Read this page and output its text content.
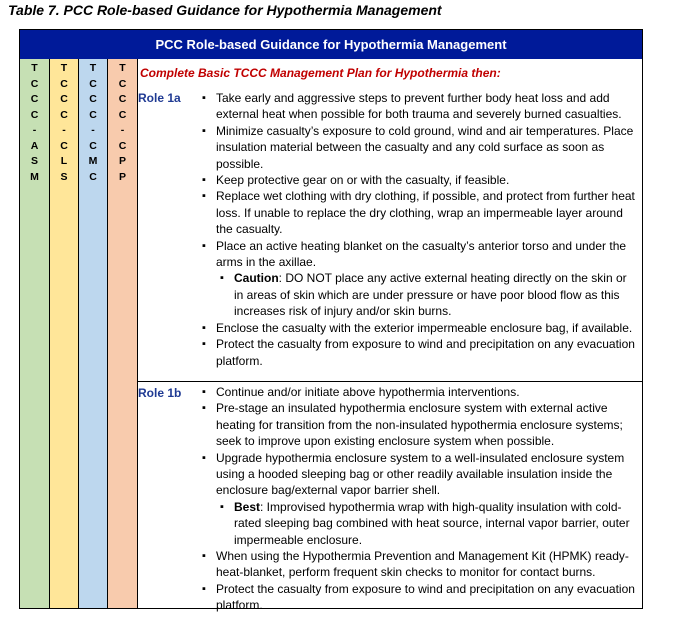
Table 7. PCC Role-based Guidance for Hypothermia Management
PCC Role-based Guidance for Hypothermia Management
T
C
C
C
-
A
S
M
T
C
C
C
-
C
L
S
T
C
C
C
-
C
M
C
T
C
C
C
-
C
P
P
Complete Basic TCCC Management Plan for Hypothermia then:
Role 1a	▪ Take early and aggressive steps to prevent further body heat loss and add external heat when possible for both trauma and severely burned casualties.
▪ Minimize casualty’s exposure to cold ground, wind and air temperatures. Place insulation material between the casualty and any cold surface as soon as possible.
▪ Keep protective gear on or with the casualty, if feasible.
▪ Replace wet clothing with dry clothing, if possible, and protect from further heat loss. If unable to replace the dry clothing, wrap an impermeable layer around the casualty.
▪ Place an active heating blanket on the casualty’s anterior torso and under the arms in the axillae.
▪ Caution: DO NOT place any active external heating directly on the skin or in areas of skin which are under pressure or have poor blood flow as this increases risk of injury and/or skin burns.
▪ Enclose the casualty with the exterior impermeable enclosure bag, if available.
▪ Protect the casualty from exposure to wind and precipitation on any evacuation platform.
Role 1b	▪ Continue and/or initiate above hypothermia interventions.
▪ Pre-stage an insulated hypothermia enclosure system with external active heating for transition from the non-insulated hypothermia enclosure systems; seek to improve upon existing enclosure system when possible.
▪ Upgrade hypothermia enclosure system to a well-insulated enclosure system using a hooded sleeping bag or other readily available insulation inside the enclosure bag/external vapor barrier shell.
▪ Best: Improvised hypothermia wrap with high-quality insulation with cold-rated sleeping bag combined with heat source, internal vapor barrier, outer impermeable enclosure.
▪ When using the Hypothermia Prevention and Management Kit (HPMK) ready-heat-blanket, perform frequent skin checks to monitor for contact burns.
▪ Protect the casualty from exposure to wind and precipitation on any evacuation platform.
